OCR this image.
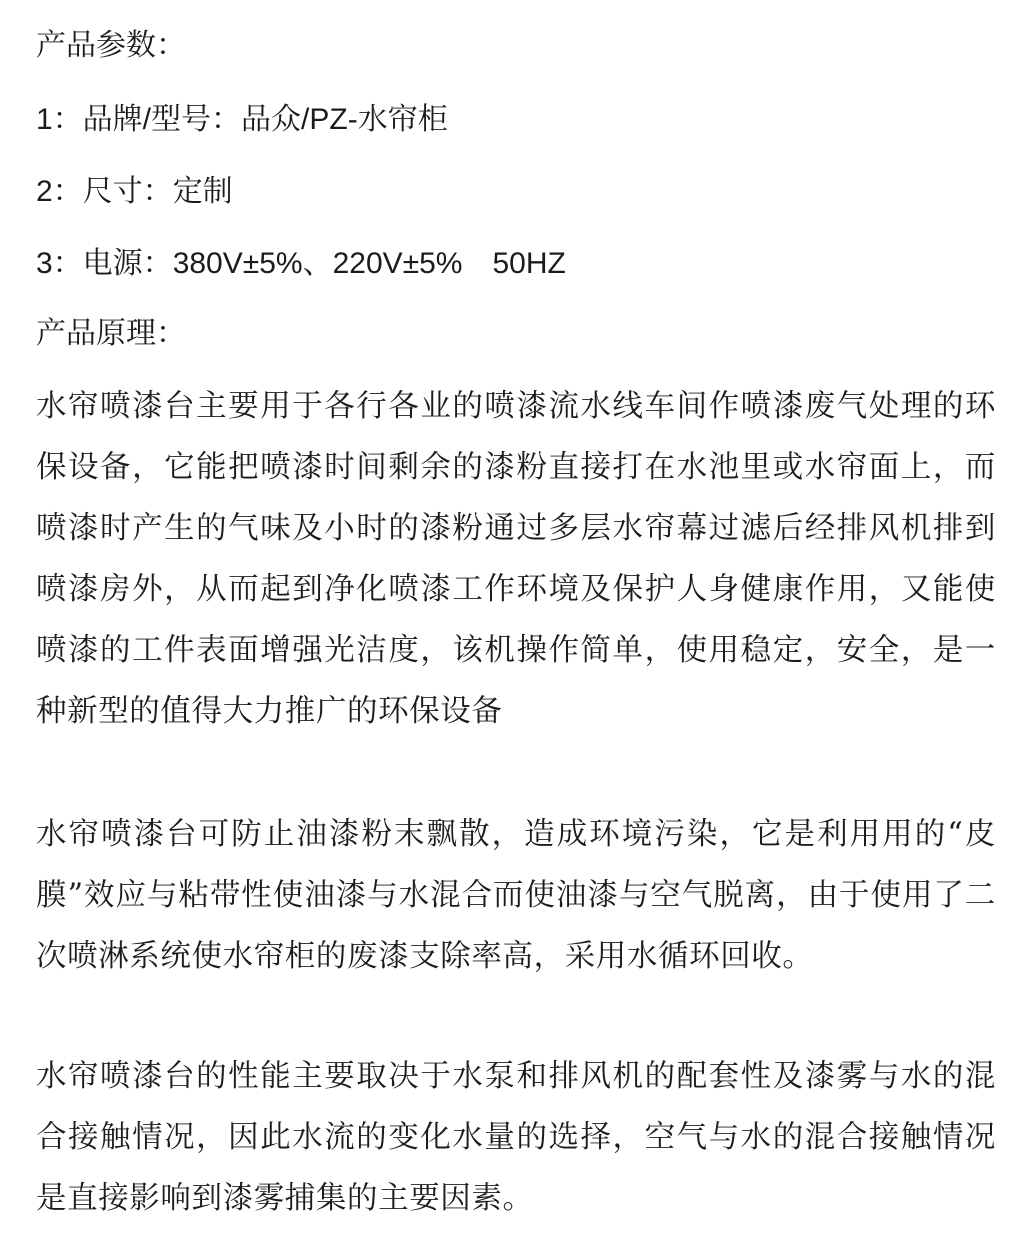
产品参数：
1：品牌/型号：品众/PZ-水帘柜
2：尺寸：定制
3：电源：380V±5%、220V±5%　50HZ
产品原理：

水帘喷漆台主要用于各行各业的喷漆流水线车间作喷漆废气处理的环保设备，它能把喷漆时间剩余的漆粉直接打在水池里或水帘面上，而喷漆时产生的气味及小时的漆粉通过多层水帘幕过滤后经排风机排到喷漆房外，从而起到净化喷漆工作环境及保护人身健康作用，又能使喷漆的工件表面增强光洁度，该机操作简单，使用稳定，安全，是一种新型的值得大力推广的环保设备

水帘喷漆台可防止油漆粉末飘散，造成环境污染，它是利用用的“皮膜”效应与粘带性使油漆与水混合而使油漆与空气脱离，由于使用了二次喷淋系统使水帘柜的废漆支除率高，采用水循环回收。

水帘喷漆台的性能主要取决于水泵和排风机的配套性及漆雾与水的混合接触情况，因此水流的变化水量的选择，空气与水的混合接触情况是直接影响到漆雾捕集的主要因素。
